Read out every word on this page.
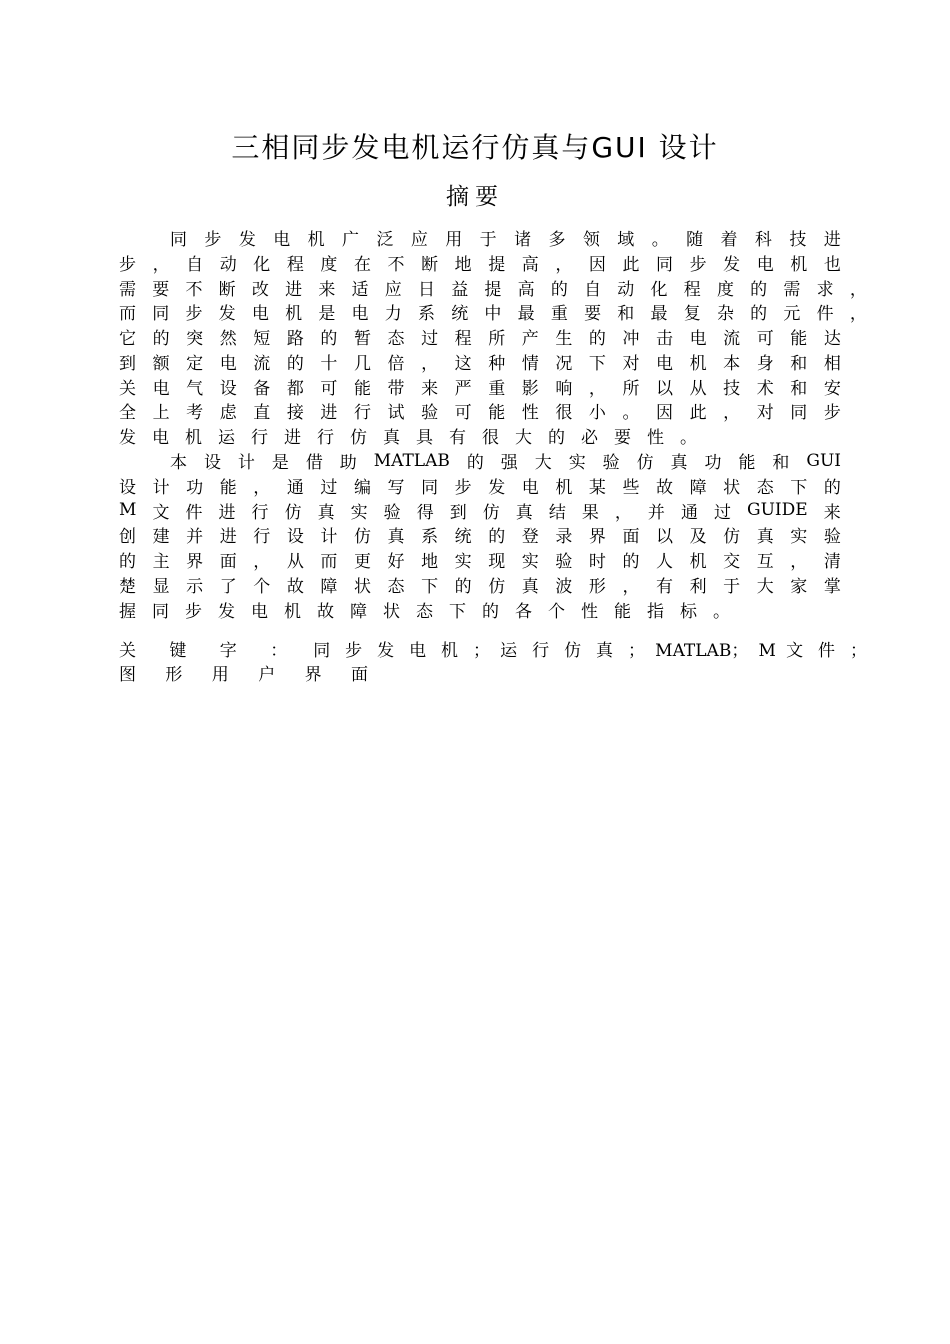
三相同步发电机运行仿真与GUI 设计
摘要
同 步 发 电 机 广 泛 应 用 于 诸 多 领 域 。 随 着 科 技 进
步 ， 自 动 化 程 度 在 不 断 地 提 高 ， 因 此 同 步 发 电 机 也
需 要 不 断 改 进 来 适 应 日 益 提 高 的 自 动 化 程 度 的 需 求 ，
而 同 步 发 电 机 是 电 力 系 统 中 最 重 要 和 最 复 杂 的 元 件 ，
它 的 突 然 短 路 的 暂 态 过 程 所 产 生 的 冲 击 电 流 可 能 达
到 额 定 电 流 的 十 几 倍 ， 这 种 情 况 下 对 电 机 本 身 和 相
关 电 气 设 备 都 可 能 带 来 严 重 影 响 ， 所 以 从 技 术 和 安
全 上 考 虑 直 接 进 行 试 验 可 能 性 很 小 。 因 此 ， 对 同 步
发 电 机 运 行 进 行 仿 真 具 有 很 大 的 必 要 性 。
本 设 计 是 借 助 MATLAB 的 强 大 实 验 仿 真 功 能 和 GUI
设 计 功 能 ， 通 过 编 写 同 步 发 电 机 某 些 故 障 状 态 下 的
M 文 件 进 行 仿 真 实 验 得 到 仿 真 结 果 ， 并 通 过 GUIDE 来
创 建 并 进 行 设 计 仿 真 系 统 的 登 录 界 面 以 及 仿 真 实 验
的 主 界 面 ， 从 而 更 好 地 实 现 实 验 时 的 人 机 交 互 ， 清
楚 显 示 了 个 故 障 状 态 下 的 仿 真 波 形 ， 有 利 于 大 家 掌
握 同 步 发 电 机 故 障 状 态 下 的 各 个 性 能 指 标 。
关 键 字 ： 同 步 发 电 机 ； 运 行 仿 真 ； MATLAB； M 文 件 ；
图 形 用 户 界 面
